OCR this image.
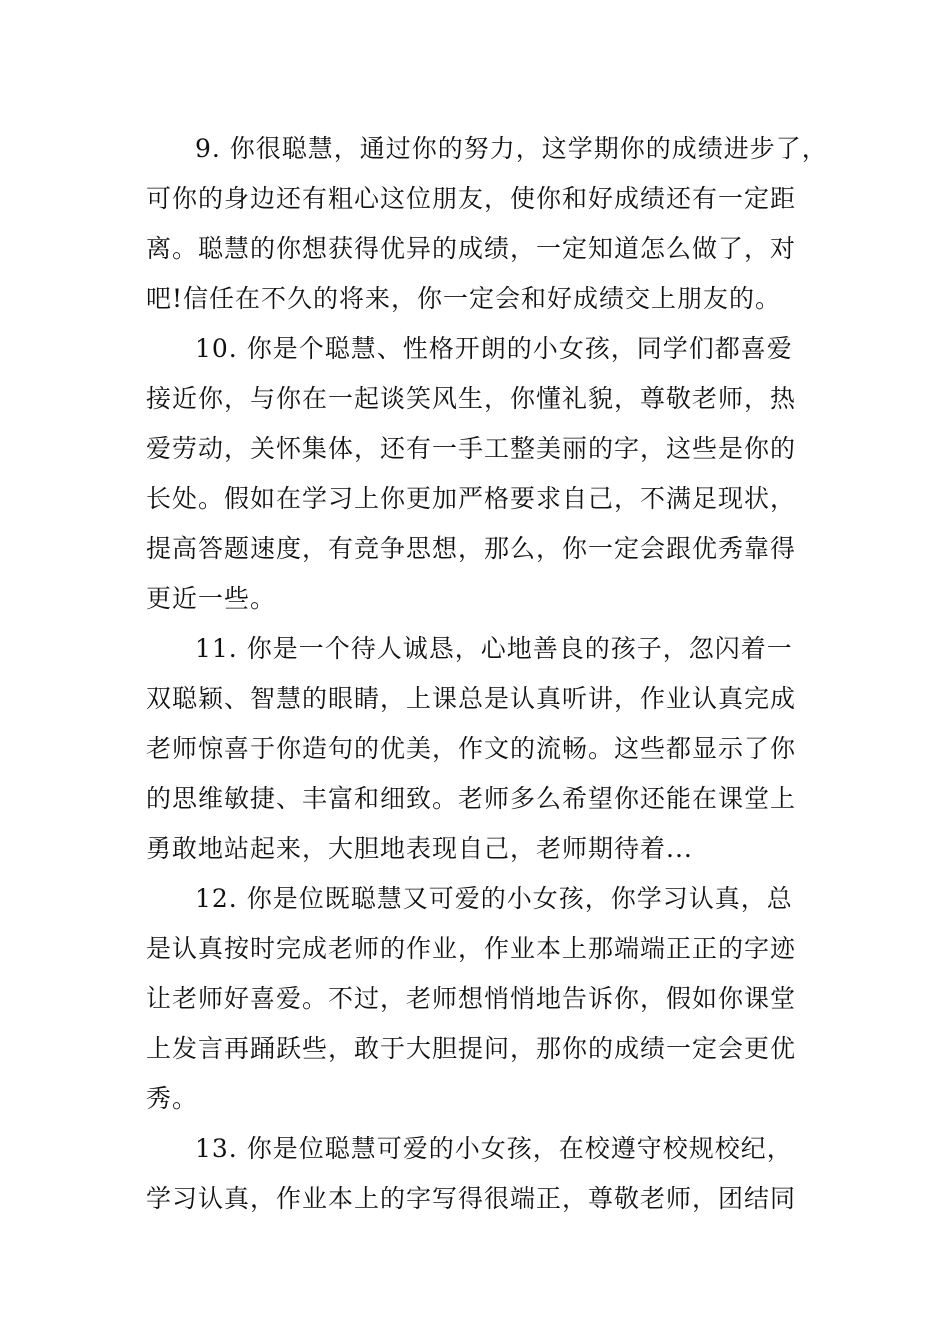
9. 你很聪慧，通过你的努力，这学期你的成绩进步了，
可你的身边还有粗心这位朋友，使你和好成绩还有一定距
离。聪慧的你想获得优异的成绩，一定知道怎么做了，对
吧!信任在不久的将来，你一定会和好成绩交上朋友的。
10. 你是个聪慧、性格开朗的小女孩，同学们都喜爱
接近你，与你在一起谈笑风生，你懂礼貌，尊敬老师，热
爱劳动，关怀集体，还有一手工整美丽的字，这些是你的
长处。假如在学习上你更加严格要求自己，不满足现状，
提高答题速度，有竞争思想，那么，你一定会跟优秀靠得
更近一些。
11. 你是一个待人诚恳，心地善良的孩子，忽闪着一
双聪颖、智慧的眼睛，上课总是认真听讲，作业认真完成
老师惊喜于你造句的优美，作文的流畅。这些都显示了你
的思维敏捷、丰富和细致。老师多么希望你还能在课堂上
勇敢地站起来，大胆地表现自己，老师期待着...
12. 你是位既聪慧又可爱的小女孩，你学习认真，总
是认真按时完成老师的作业，作业本上那端端正正的字迹
让老师好喜爱。不过，老师想悄悄地告诉你，假如你课堂
上发言再踊跃些，敢于大胆提问，那你的成绩一定会更优
秀。
13. 你是位聪慧可爱的小女孩，在校遵守校规校纪，
学习认真，作业本上的字写得很端正，尊敬老师，团结同
